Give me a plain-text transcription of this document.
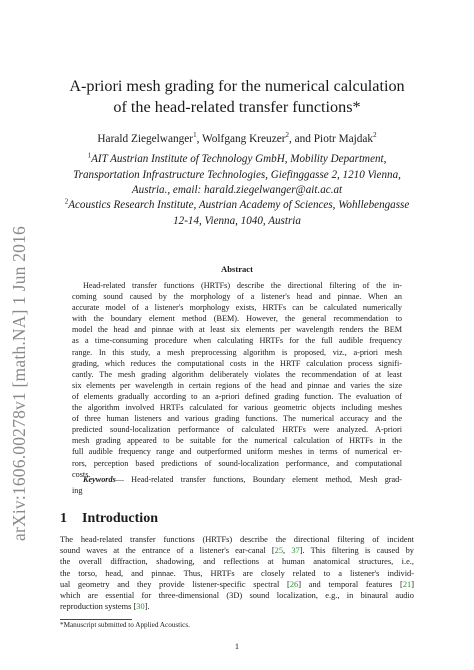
arXiv:1606.00278v1 [math.NA] 1 Jun 2016
A-priori mesh grading for the numerical calculation
of the head-related transfer functions*
Harald Ziegelwanger$^1$, Wolfgang Kreuzer$^2$, and Piotr Majdak$^2$
$^1$AIT Austrian Institute of Technology GmbH, Mobility Department,
Transportation Infrastructure Technologies, Giefinggasse 2, 1210 Vienna,
Austria., email: harald.ziegelwanger@ait.ac.at
$^2$Acoustics Research Institute, Austrian Academy of Sciences, Wohllebengasse
12-14, Vienna, 1040, Austria
Abstract
Head-related transfer functions (HRTFs) describe the directional filtering of the in-
coming sound caused by the morphology of a listener's head and pinnae. When an
accurate model of a listener's morphology exists, HRTFs can be calculated numerically
with the boundary element method (BEM). However, the general recommendation to
model the head and pinnae with at least six elements per wavelength renders the BEM
as a time-consuming procedure when calculating HRTFs for the full audible frequency
range. In this study, a mesh preprocessing algorithm is proposed, viz., a-priori mesh
grading, which reduces the computational costs in the HRTF calculation process signifi-
cantly. The mesh grading algorithm deliberately violates the recommendation of at least
six elements per wavelength in certain regions of the head and pinnae and varies the size
of elements gradually according to an a-priori defined grading function. The evaluation of
the algorithm involved HRTFs calculated for various geometric objects including meshes
of three human listeners and various grading functions. The numerical accuracy and the
predicted sound-localization performance of calculated HRTFs were analyzed. A-priori
mesh grading appeared to be suitable for the numerical calculation of HRTFs in the
full audible frequency range and outperformed uniform meshes in terms of numerical er-
rors, perception based predictions of sound-localization performance, and computational
costs.
Keywords— Head-related transfer functions, Boundary element method, Mesh grad-
ing
1 Introduction
The head-related transfer functions (HRTFs) describe the directional filtering of incident
sound waves at the entrance of a listener's ear-canal [25, 37]. This filtering is caused by
the overall diffraction, shadowing, and reflections at human anatomical structures, i.e.,
the torso, head, and pinnae. Thus, HRTFs are closely related to a listener's individ-
ual geometry and they provide listener-specific spectral [26] and temporal features [21]
which are essential for three-dimensional (3D) sound localization, e.g., in binaural audio
reproduction systems [30].
*Manuscript submitted to Applied Acoustics.
1
